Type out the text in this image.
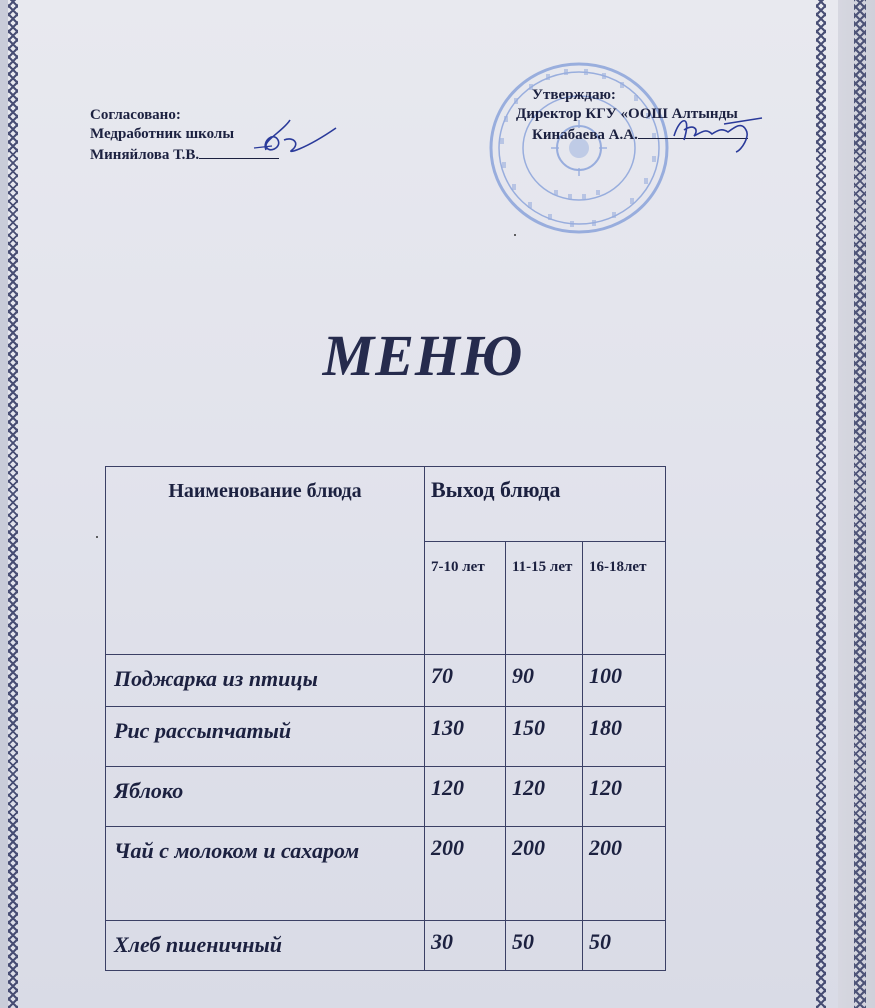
Согласовано:
Медработник школы
Миняйлова Т.В.
Утверждаю:
Директор КГУ «ООШ Алтынды
Кинабаева А.А.
МЕНЮ
Наименование блюда	Выход блюда		
	7-10 лет	11-15 лет	16-18лет
Поджарка из птицы	70	90	100
Рис рассыпчатый	130	150	180
Яблоко	120	120	120
Чай с молоком и сахаром	200	200	200
Хлеб пшеничный	30	50	50
